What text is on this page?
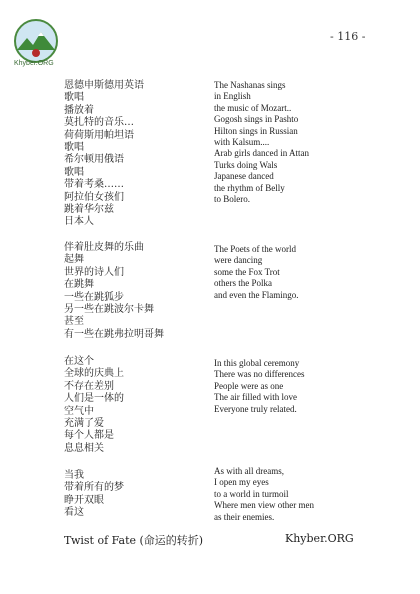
Khyber.ORG
- 116 -
恩德申斯德用英语
歌唱
播放着
莫扎特的音乐…
荷荷斯用帕坦语
歌唱
希尔顿用俄语
歌唱
带着考桑……
阿拉伯女孩们
跳着华尔兹
日本人
The Nashanas sings
in English
the music of Mozart..
Gogosh sings in Pashto
Hilton sings in Russian
with Kalsum....
Arab girls danced in Attan
Turks doing Wals
Japanese danced
the rhythm of Belly
to Bolero.
伴着肚皮舞的乐曲
起舞
世界的诗人们
在跳舞
一些在跳狐步
另一些在跳波尔卡舞
甚至
有一些在跳弗拉明哥舞
The Poets of the world
were dancing
some the Fox Trot
others the Polka
and even the Flamingo.
在这个
全球的庆典上
不存在差别
人们是一体的
空气中
充满了爱
每个人都是
息息相关
In this global ceremony
There was no differences
People were as one
The air filled with love
Everyone truly related.
当我
带着所有的梦
睁开双眼
看这
As with all dreams,
I open my eyes
to a world in turmoil
Where men view other men
as their enemies.
Twist of Fate (命运的转折)	Khyber.ORG
